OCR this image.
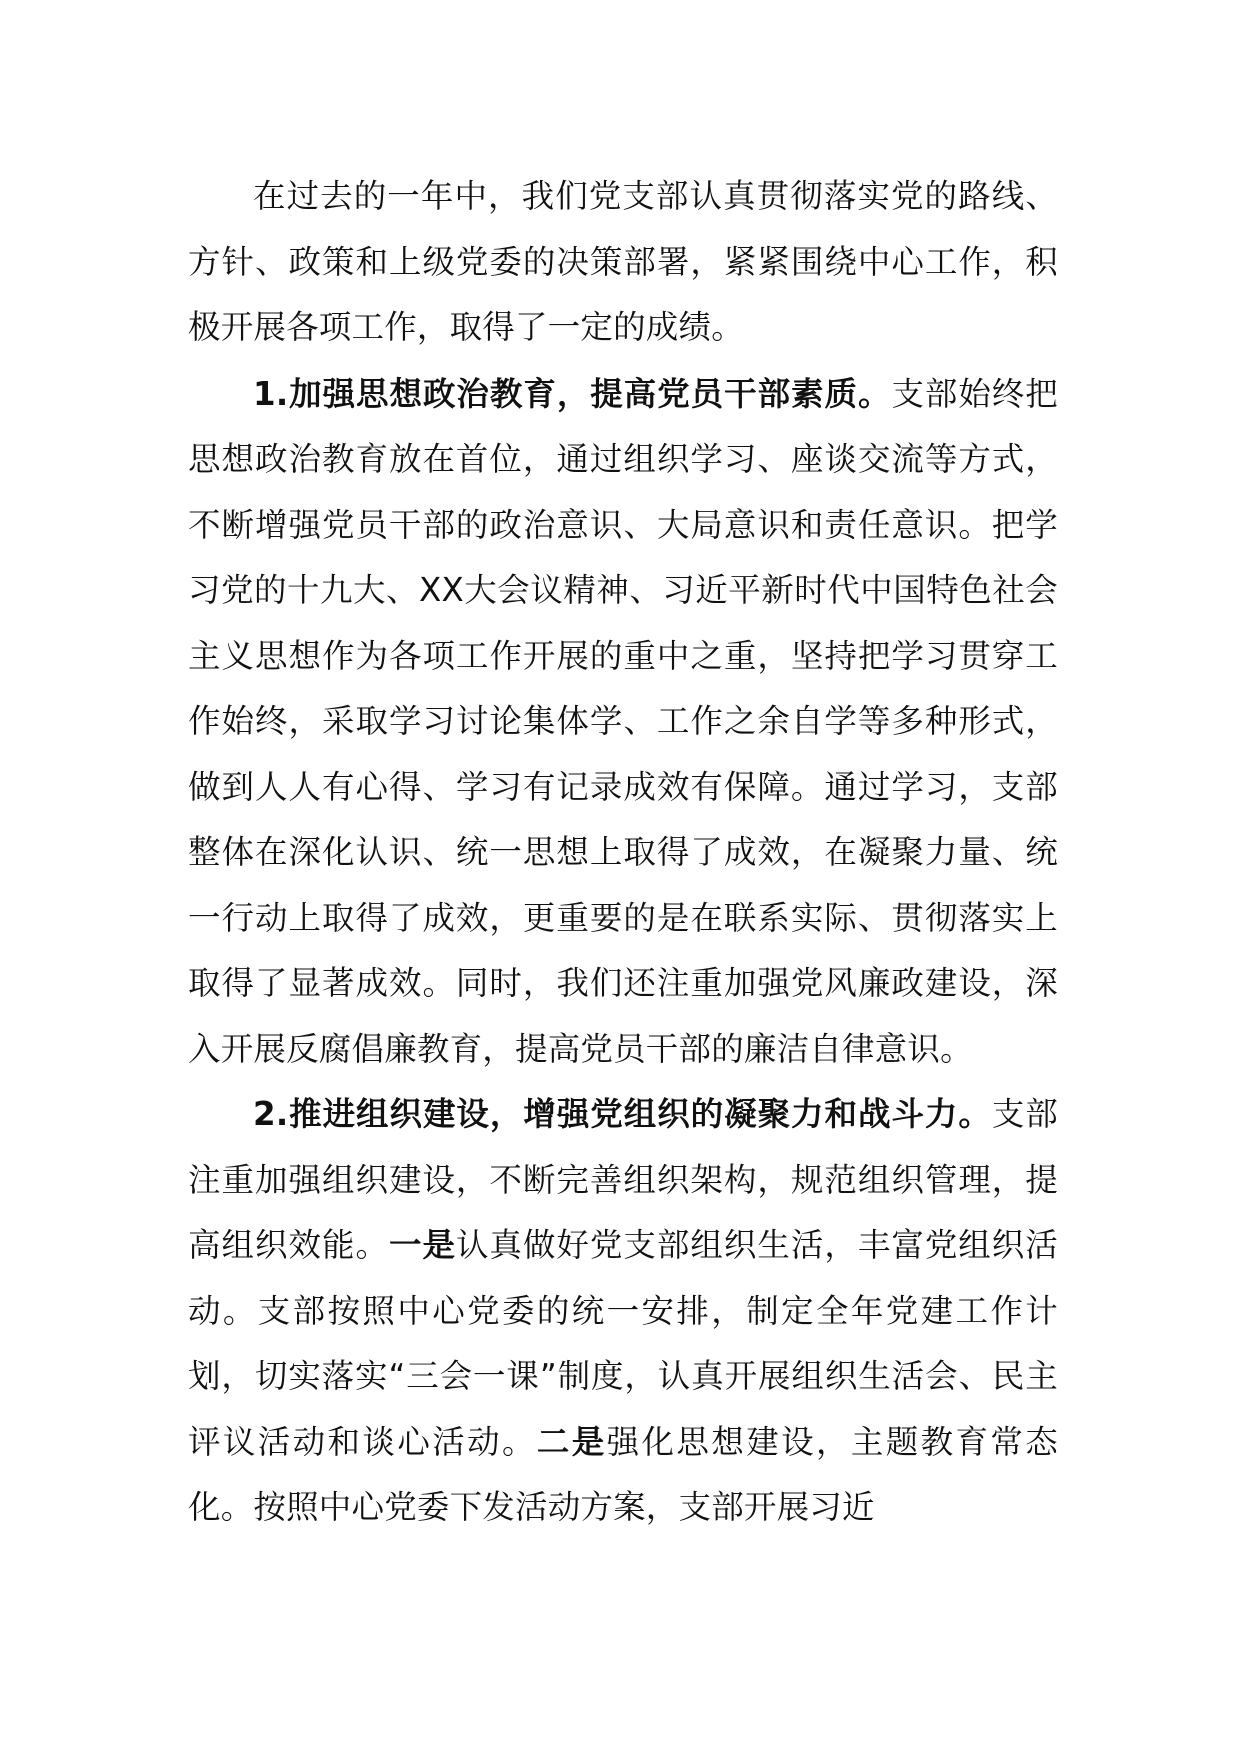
在过去的一年中，我们党支部认真贯彻落实党的路线、方针、政策和上级党委的决策部署，紧紧围绕中心工作，积极开展各项工作，取得了一定的成绩。

1.加强思想政治教育，提高党员干部素质。支部始终把思想政治教育放在首位，通过组织学习、座谈交流等方式，不断增强党员干部的政治意识、大局意识和责任意识。把学习党的十九大、XX大会议精神、习近平新时代中国特色社会主义思想作为各项工作开展的重中之重，坚持把学习贯穿工作始终，采取学习讨论集体学、工作之余自学等多种形式，做到人人有心得、学习有记录成效有保障。通过学习，支部整体在深化认识、统一思想上取得了成效，在凝聚力量、统一行动上取得了成效，更重要的是在联系实际、贯彻落实上取得了显著成效。同时，我们还注重加强党风廉政建设，深入开展反腐倡廉教育，提高党员干部的廉洁自律意识。

2.推进组织建设，增强党组织的凝聚力和战斗力。支部注重加强组织建设，不断完善组织架构，规范组织管理，提高组织效能。一是认真做好党支部组织生活，丰富党组织活动。支部按照中心党委的统一安排，制定全年党建工作计划，切实落实“三会一课”制度，认真开展组织生活会、民主评议活动和谈心活动。二是强化思想建设，主题教育常态化。按照中心党委下发活动方案，支部开展习近
